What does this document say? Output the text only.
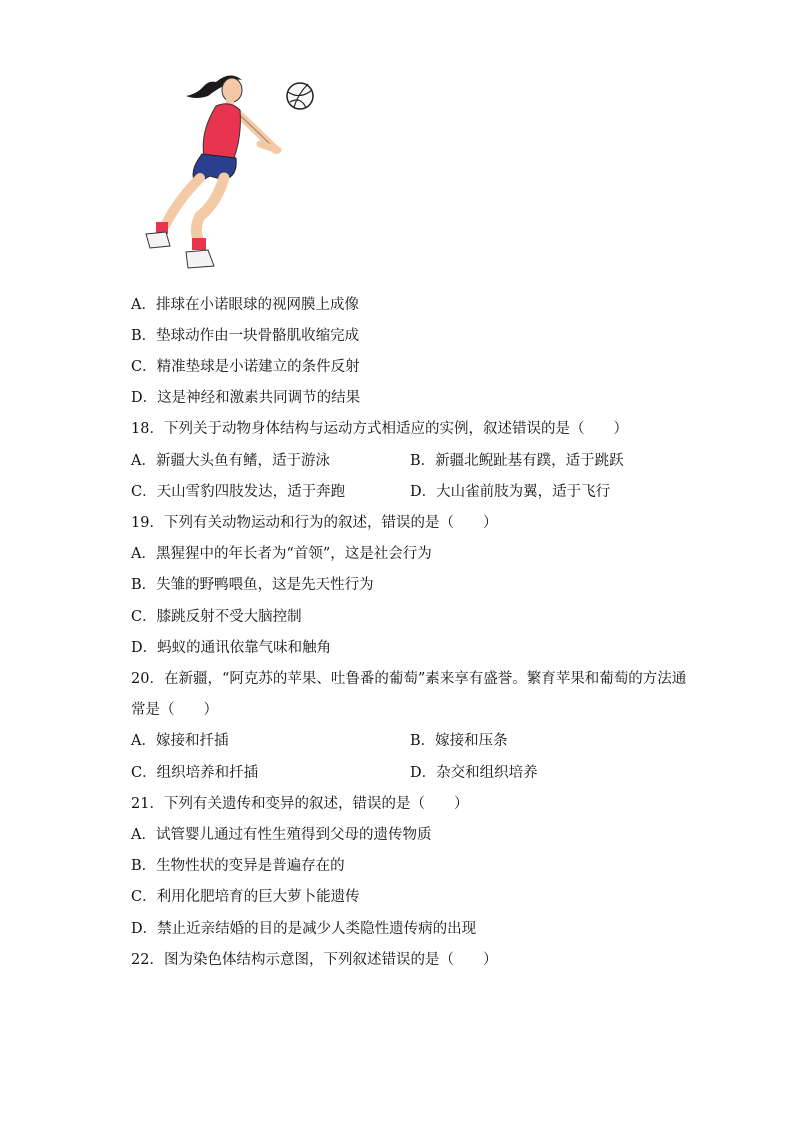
A．排球在小诺眼球的视网膜上成像
B．垫球动作由一块骨骼肌收缩完成
C．精准垫球是小诺建立的条件反射
D．这是神经和激素共同调节的结果
18．下列关于动物身体结构与运动方式相适应的实例，叙述错误的是（　　）
A．新疆大头鱼有鳍，适于游泳	B．新疆北鲵趾基有蹼，适于跳跃
C．天山雪豹四肢发达，适于奔跑	D．大山雀前肢为翼，适于飞行
19．下列有关动物运动和行为的叙述，错误的是（　　）
A．黑猩猩中的年长者为“首领”，这是社会行为
B．失雏的野鸭喂鱼，这是先天性行为
C．膝跳反射不受大脑控制
D．蚂蚁的通讯依靠气味和触角
20．在新疆，“阿克苏的苹果、吐鲁番的葡萄”素来享有盛誉。繁育苹果和葡萄的方法通
常是（　　）
A．嫁接和扦插	B．嫁接和压条
C．组织培养和扦插	D．杂交和组织培养
21．下列有关遗传和变异的叙述，错误的是（　　）
A．试管婴儿通过有性生殖得到父母的遗传物质
B．生物性状的变异是普遍存在的
C．利用化肥培育的巨大萝卜能遗传
D．禁止近亲结婚的目的是减少人类隐性遗传病的出现
22．图为染色体结构示意图，下列叙述错误的是（　　）
